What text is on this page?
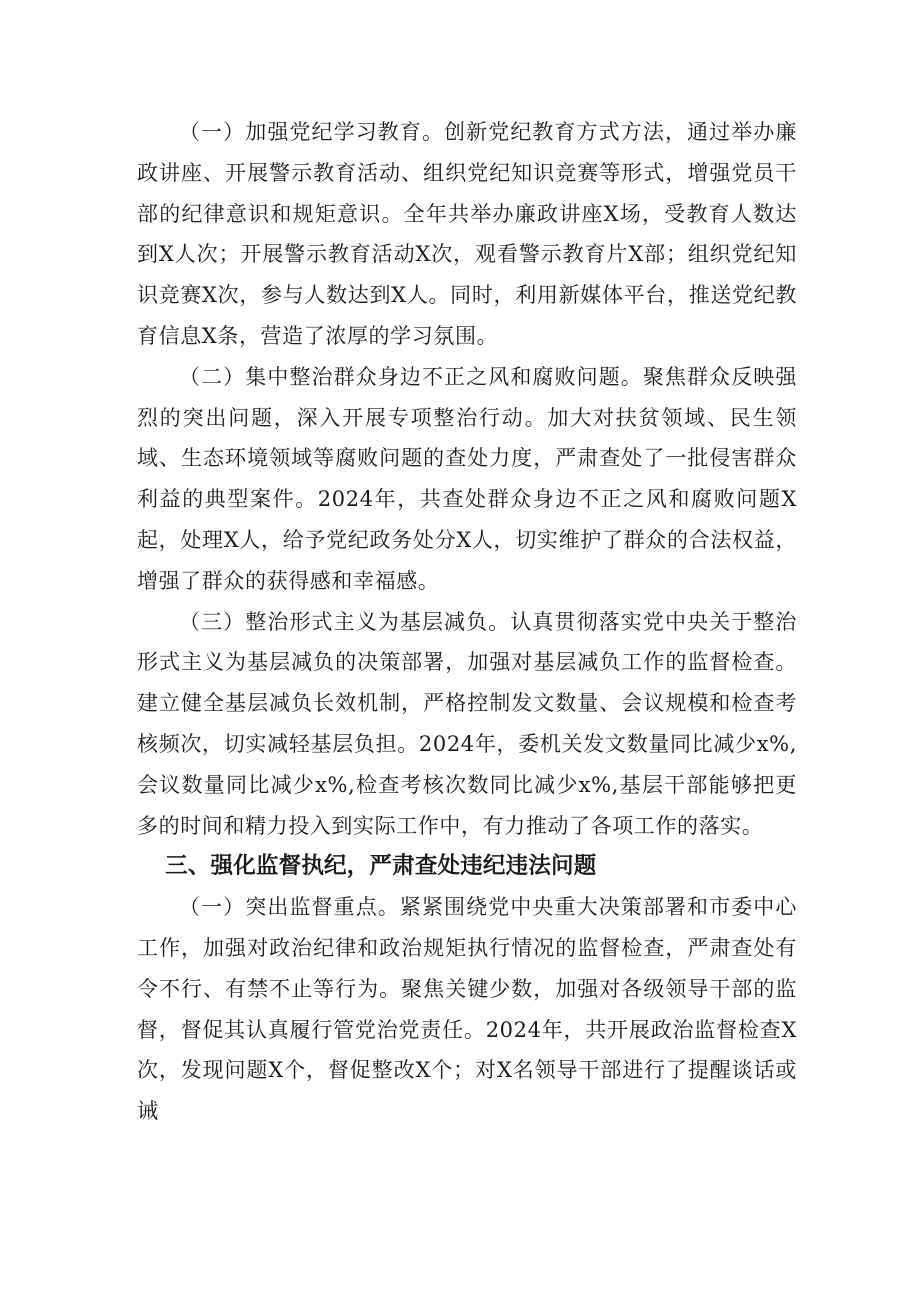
（一）加强党纪学习教育。创新党纪教育方式方法，通过举办廉政讲座、开展警示教育活动、组织党纪知识竞赛等形式，增强党员干部的纪律意识和规矩意识。全年共举办廉政讲座X场，受教育人数达到X人次；开展警示教育活动X次，观看警示教育片X部；组织党纪知识竞赛X次，参与人数达到X人。同时，利用新媒体平台，推送党纪教育信息X条，营造了浓厚的学习氛围。

（二）集中整治群众身边不正之风和腐败问题。聚焦群众反映强烈的突出问题，深入开展专项整治行动。加大对扶贫领域、民生领域、生态环境领域等腐败问题的查处力度，严肃查处了一批侵害群众利益的典型案件。2024年，共查处群众身边不正之风和腐败问题X起，处理X人，给予党纪政务处分X人，切实维护了群众的合法权益，增强了群众的获得感和幸福感。

（三）整治形式主义为基层减负。认真贯彻落实党中央关于整治形式主义为基层减负的决策部署，加强对基层减负工作的监督检查。建立健全基层减负长效机制，严格控制发文数量、会议规模和检查考核频次，切实减轻基层负担。2024年，委机关发文数量同比减少x%,会议数量同比减少x%,检查考核次数同比减少x%,基层干部能够把更多的时间和精力投入到实际工作中，有力推动了各项工作的落实。

三、强化监督执纪，严肃查处违纪违法问题

（一）突出监督重点。紧紧围绕党中央重大决策部署和市委中心工作，加强对政治纪律和政治规矩执行情况的监督检查，严肃查处有令不行、有禁不止等行为。聚焦关键少数，加强对各级领导干部的监督，督促其认真履行管党治党责任。2024年，共开展政治监督检查X次，发现问题X个，督促整改X个；对X名领导干部进行了提醒谈话或诫
